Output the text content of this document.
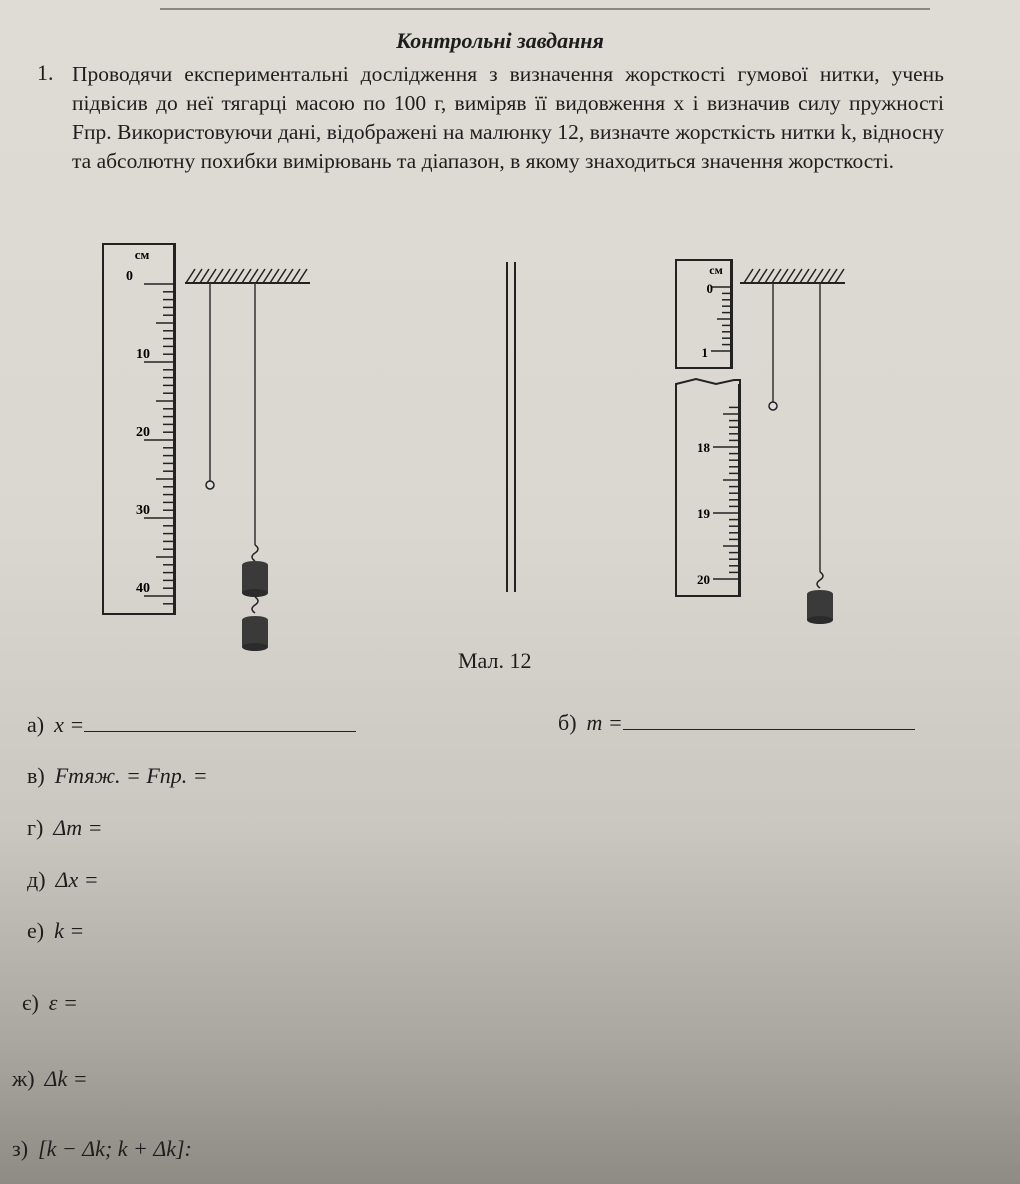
Контрольні завдання
1. Проводячи експериментальні дослідження з визначення жорсткості гумової нитки, учень підвісив до неї тягарці масою по 100 г, виміряв її видовження x і визначив силу пружності Fпр. Використовуючи дані, відображені на малюнку 12, визначте жорсткість нитки k, відносну та абсолютну похибки вимірювань та діапазон, в якому знаходиться значення жорсткості.
см
0
10
20
30
40
см
0
1
18
19
20
Мал. 12
а) x =	б) m =
в) Fтяж. = Fпр. =
г) Δm =
д) Δx =
е) k =
є) ε =
ж) Δk =
з) [k − Δk; k + Δk]:
